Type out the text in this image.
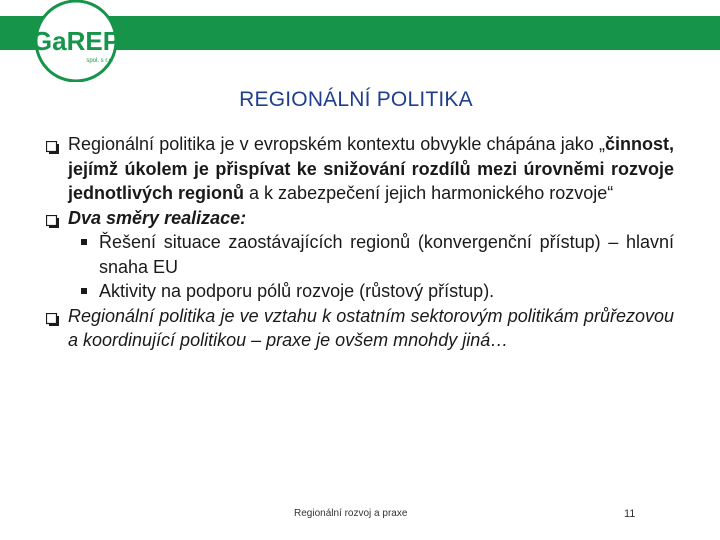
GaREP
spol. s r.o.
REGIONÁLNÍ POLITIKA

Regionální politika je v evropském kontextu obvykle chápána jako „činnost, jejímž úkolem je přispívat ke snižování rozdílů mezi úrovněmi rozvoje jednotlivých regionů a k zabezpečení jejich harmonického rozvoje“

Dva směry realizace:

Řešení situace zaostávajících regionů (konvergenční přístup) – hlavní snaha EU

Aktivity na podporu pólů rozvoje (růstový přístup).

Regionální politika je ve vztahu k ostatním sektorovým politikám průřezovou a koordinující politikou – praxe je ovšem mnohdy jiná…

Regionální rozvoj a praxe	11
